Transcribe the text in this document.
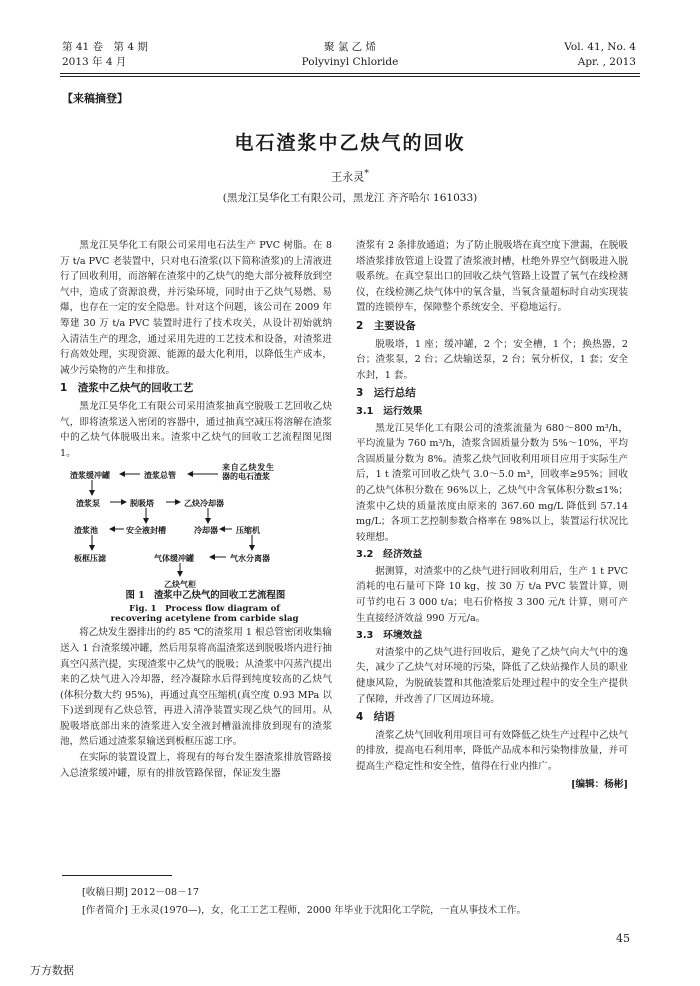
第 41 卷　第 4 期
2013 年 4 月
聚 氯 乙 烯
Polyvinyl Chloride
Vol. 41, No. 4
Apr. , 2013
【来稿摘登】
电石渣浆中乙炔气的回收
王永灵*
(黑龙江昊华化工有限公司，黑龙江 齐齐哈尔 161033)

黑龙江昊华化工有限公司采用电石法生产 PVC 树脂。在 8 万 t/a PVC 老装置中，只对电石渣浆(以下简称渣浆)的上清液进行了回收利用，而溶解在渣浆中的乙炔气的绝大部分被释放到空气中，造成了资源浪费，并污染环境，同时由于乙炔气易燃、易爆，也存在一定的安全隐患。针对这个问题，该公司在 2009 年筹建 30 万 t/a PVC 装置时进行了技术攻关，从设计初始就纳入清洁生产的理念，通过采用先进的工艺技术和设备，对渣浆进行高效处理，实现资源、能源的最大化利用，以降低生产成本，减少污染物的产生和排放。

1　渣浆中乙炔气的回收工艺

黑龙江昊华化工有限公司采用渣浆抽真空脱吸工艺回收乙炔气，即将渣浆送入密闭的容器中，通过抽真空减压将溶解在渣浆中的乙炔气体脱吸出来。渣浆中乙炔气的回收工艺流程图见图 1。

渣浆缓冲罐	渣浆总管
来自乙炔发生器的电石渣浆
渣浆泵	脱吸塔	乙炔冷却器
渣浆池	安全液封槽	冷却器 压缩机
板框压滤	气体缓冲罐	气水分离器
乙炔气柜

图 1　渣浆中乙炔气的回收工艺流程图

Fig. 1　Process flow diagram of

recovering acetylene from carbide slag

将乙炔发生器排出的约 85 ℃的渣浆用 1 根总管密闭收集输送入 1 台渣浆缓冲罐，然后用泵将高温渣浆送到脱吸塔内进行抽真空闪蒸汽提，实现渣浆中乙炔气的脱吸；从渣浆中闪蒸汽提出来的乙炔气进入冷却器，经冷凝除水后得到纯度较高的乙炔气(体积分数大约 95%)，再通过真空压缩机(真空度 0.93 MPa 以下)送到现有乙炔总管，再进入清净装置实现乙炔气的回用。从脱吸塔底部出来的渣浆进入安全液封槽溢流排放到现有的渣浆池，然后通过渣浆泵输送到板框压滤工序。

在实际的装置设置上，将现有的每台发生器渣浆排放管路接入总渣浆缓冲罐，原有的排放管路保留，保证发生器

渣浆有 2 条排放通道；为了防止脱吸塔在真空度下泄漏，在脱吸塔渣浆排放管道上设置了渣浆液封槽，杜绝外界空气倒吸进入脱吸系统。在真空泵出口的回收乙炔气管路上设置了氧气在线检测仪，在线检测乙炔气体中的氧含量，当氧含量超标时自动实现装置的连锁停车，保障整个系统安全、平稳地运行。

2　主要设备

脱吸塔，1 座；缓冲罐，2 个；安全槽，1 个；换热器，2 台；渣浆泵，2 台；乙炔输送泵，2 台；氧分析仪，1 套；安全水封，1 套。

3　运行总结
3.1　运行效果

黑龙江昊华化工有限公司的渣浆流量为 680～800 m³/h，平均流量为 760 m³/h，渣浆含固质量分数为 5%～10%，平均含固质量分数为 8%。渣浆乙炔气回收利用项目应用于实际生产后，1 t 渣浆可回收乙炔气 3.0～5.0 m³，回收率≥95%；回收的乙炔气体积分数在 96%以上，乙炔气中含氧体积分数≤1%；渣浆中乙炔的质量浓度由原来的 367.60 mg/L 降低到 57.14 mg/L；各项工艺控制参数合格率在 98%以上，装置运行状况比较理想。

3.2　经济效益

据测算，对渣浆中的乙炔气进行回收利用后，生产 1 t PVC 消耗的电石量可下降 10 kg，按 30 万 t/a PVC 装置计算，则可节约电石 3 000 t/a；电石价格按 3 300 元/t 计算，则可产生直接经济效益 990 万元/a。

3.3　环境效益

对渣浆中的乙炔气进行回收后，避免了乙炔气向大气中的逸失，减少了乙炔气对环境的污染，降低了乙炔站操作人员的职业健康风险，为脱硫装置和其他渣浆后处理过程中的安全生产提供了保障，并改善了厂区周边环境。

4　结语

渣浆乙炔气回收利用项目可有效降低乙炔生产过程中乙炔气的排放，提高电石利用率，降低产品成本和污染物排放量，并可提高生产稳定性和安全性，值得在行业内推广。

[编辑：杨彬]
[收稿日期] 2012－08－17
[作者简介] 王永灵(1970—)，女，化工工艺工程师，2000 年毕业于沈阳化工学院，一直从事技术工作。
45
万方数据
